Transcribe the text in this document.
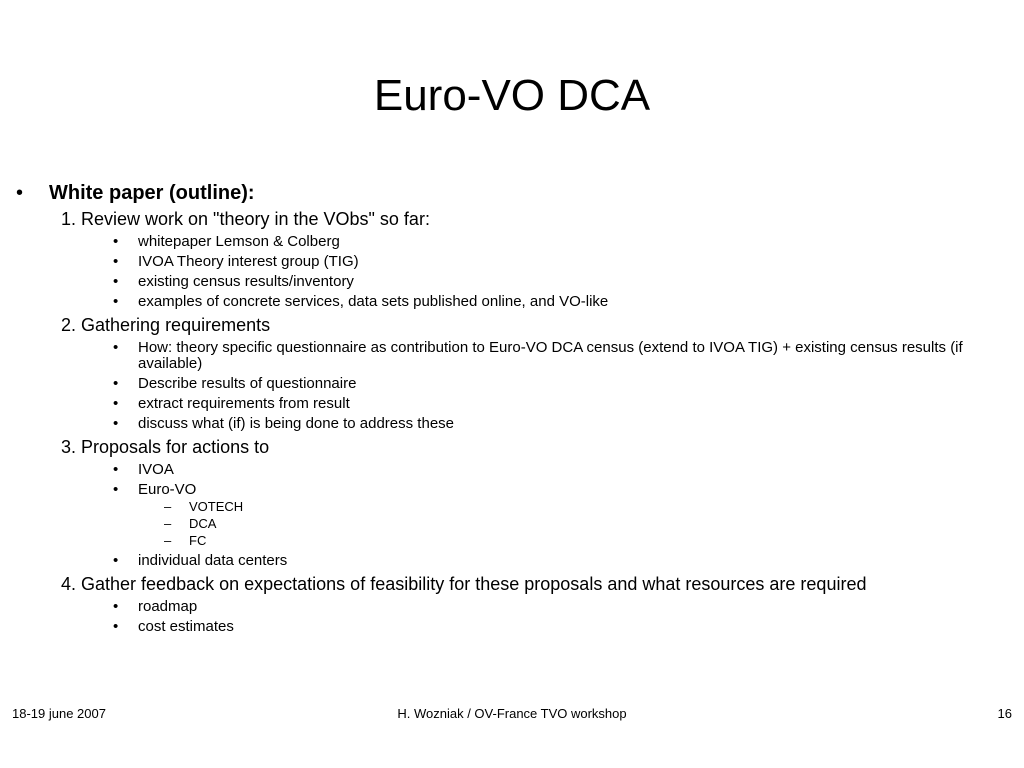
Euro-VO DCA
• White paper (outline):
1. Review work on "theory in the VObs" so far:
• whitepaper Lemson & Colberg
• IVOA Theory interest group (TIG)
• existing census results/inventory
• examples of concrete services, data sets published online, and VO-like
2. Gathering requirements
• How: theory specific questionnaire as contribution to Euro-VO DCA census (extend to IVOA TIG) + existing census results (if available)
• Describe results of questionnaire
• extract requirements from result
• discuss what (if) is being done to address these
3. Proposals for actions to
• IVOA
• Euro-VO
– VOTECH
– DCA
– FC
• individual data centers
4. Gather feedback on expectations of feasibility for these proposals and what resources are required
• roadmap
• cost estimates
18-19 june 2007	H. Wozniak / OV-France TVO workshop	16
